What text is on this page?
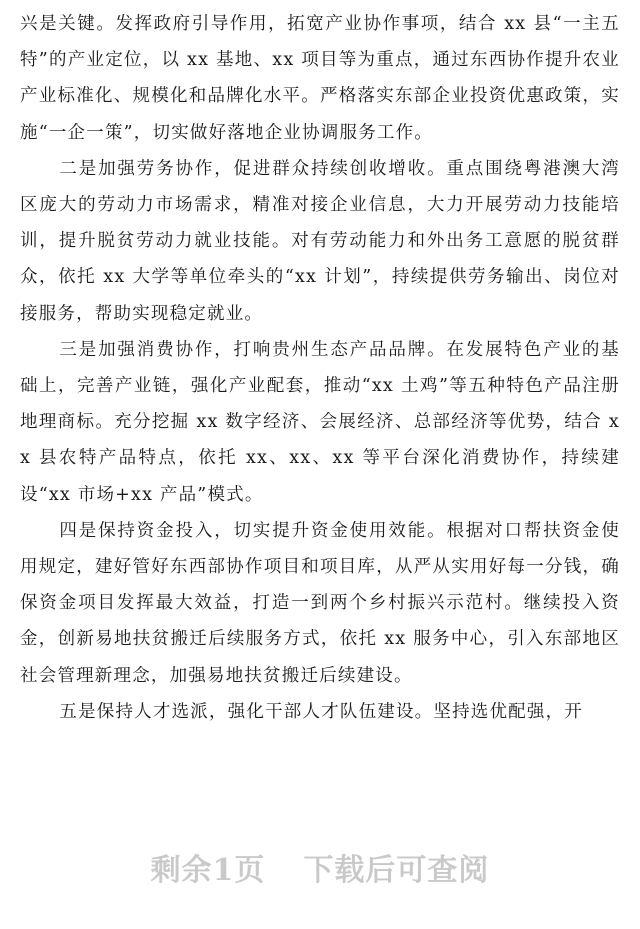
兴是关键。发挥政府引导作用，拓宽产业协作事项，结合 xx 县“一主五特”的产业定位，以 xx 基地、xx 项目等为重点，通过东西协作提升农业产业标准化、规模化和品牌化水平。严格落实东部企业投资优惠政策，实施“一企一策”，切实做好落地企业协调服务工作。

二是加强劳务协作，促进群众持续创收增收。重点围绕粤港澳大湾区庞大的劳动力市场需求，精准对接企业信息，大力开展劳动力技能培训，提升脱贫劳动力就业技能。对有劳动能力和外出务工意愿的脱贫群众，依托 xx 大学等单位牵头的“xx 计划”，持续提供劳务输出、岗位对接服务，帮助实现稳定就业。

三是加强消费协作，打响贵州生态产品品牌。在发展特色产业的基础上，完善产业链，强化产业配套，推动“xx 土鸡”等五种特色产品注册地理商标。充分挖掘 xx 数字经济、会展经济、总部经济等优势，结合 xx 县农特产品特点，依托 xx、xx、xx 等平台深化消费协作，持续建设“xx 市场+xx 产品”模式。

四是保持资金投入，切实提升资金使用效能。根据对口帮扶资金使用规定，建好管好东西部协作项目和项目库，从严从实用好每一分钱，确保资金项目发挥最大效益，打造一到两个乡村振兴示范村。继续投入资金，创新易地扶贫搬迁后续服务方式，依托 xx 服务中心，引入东部地区社会管理新理念，加强易地扶贫搬迁后续建设。

五是保持人才选派，强化干部人才队伍建设。坚持选优配强，开

剩余1页 下载后可查阅
